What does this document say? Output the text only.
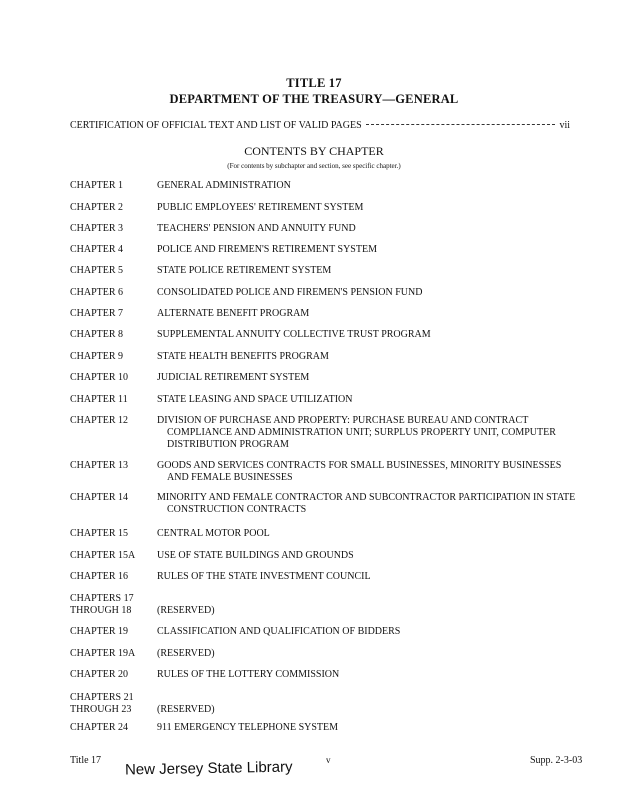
TITLE 17
DEPARTMENT OF THE TREASURY—GENERAL
CERTIFICATION OF OFFICIAL TEXT AND LIST OF VALID PAGES	vii
CONTENTS BY CHAPTER
(For contents by subchapter and section, see specific chapter.)
CHAPTER 1	GENERAL ADMINISTRATION
CHAPTER 2	PUBLIC EMPLOYEES' RETIREMENT SYSTEM
CHAPTER 3	TEACHERS' PENSION AND ANNUITY FUND
CHAPTER 4	POLICE AND FIREMEN'S RETIREMENT SYSTEM
CHAPTER 5	STATE POLICE RETIREMENT SYSTEM
CHAPTER 6	CONSOLIDATED POLICE AND FIREMEN'S PENSION FUND
CHAPTER 7	ALTERNATE BENEFIT PROGRAM
CHAPTER 8	SUPPLEMENTAL ANNUITY COLLECTIVE TRUST PROGRAM
CHAPTER 9	STATE HEALTH BENEFITS PROGRAM
CHAPTER 10	JUDICIAL RETIREMENT SYSTEM
CHAPTER 11	STATE LEASING AND SPACE UTILIZATION
CHAPTER 12	DIVISION OF PURCHASE AND PROPERTY: PURCHASE BUREAU AND CONTRACT
COMPLIANCE AND ADMINISTRATION UNIT; SURPLUS PROPERTY UNIT, COMPUTER
DISTRIBUTION PROGRAM
CHAPTER 13	GOODS AND SERVICES CONTRACTS FOR SMALL BUSINESSES, MINORITY BUSINESSES
AND FEMALE BUSINESSES
CHAPTER 14	MINORITY AND FEMALE CONTRACTOR AND SUBCONTRACTOR PARTICIPATION IN STATE
CONSTRUCTION CONTRACTS
CHAPTER 15	CENTRAL MOTOR POOL
CHAPTER 15A	USE OF STATE BUILDINGS AND GROUNDS
CHAPTER 16	RULES OF THE STATE INVESTMENT COUNCIL
CHAPTERS 17
THROUGH 18	(RESERVED)
CHAPTER 19	CLASSIFICATION AND QUALIFICATION OF BIDDERS
CHAPTER 19A	(RESERVED)
CHAPTER 20	RULES OF THE LOTTERY COMMISSION
CHAPTERS 21
THROUGH 23	(RESERVED)
CHAPTER 24	911 EMERGENCY TELEPHONE SYSTEM
Title 17 New Jersey State Library	v	Supp. 2-3-03
